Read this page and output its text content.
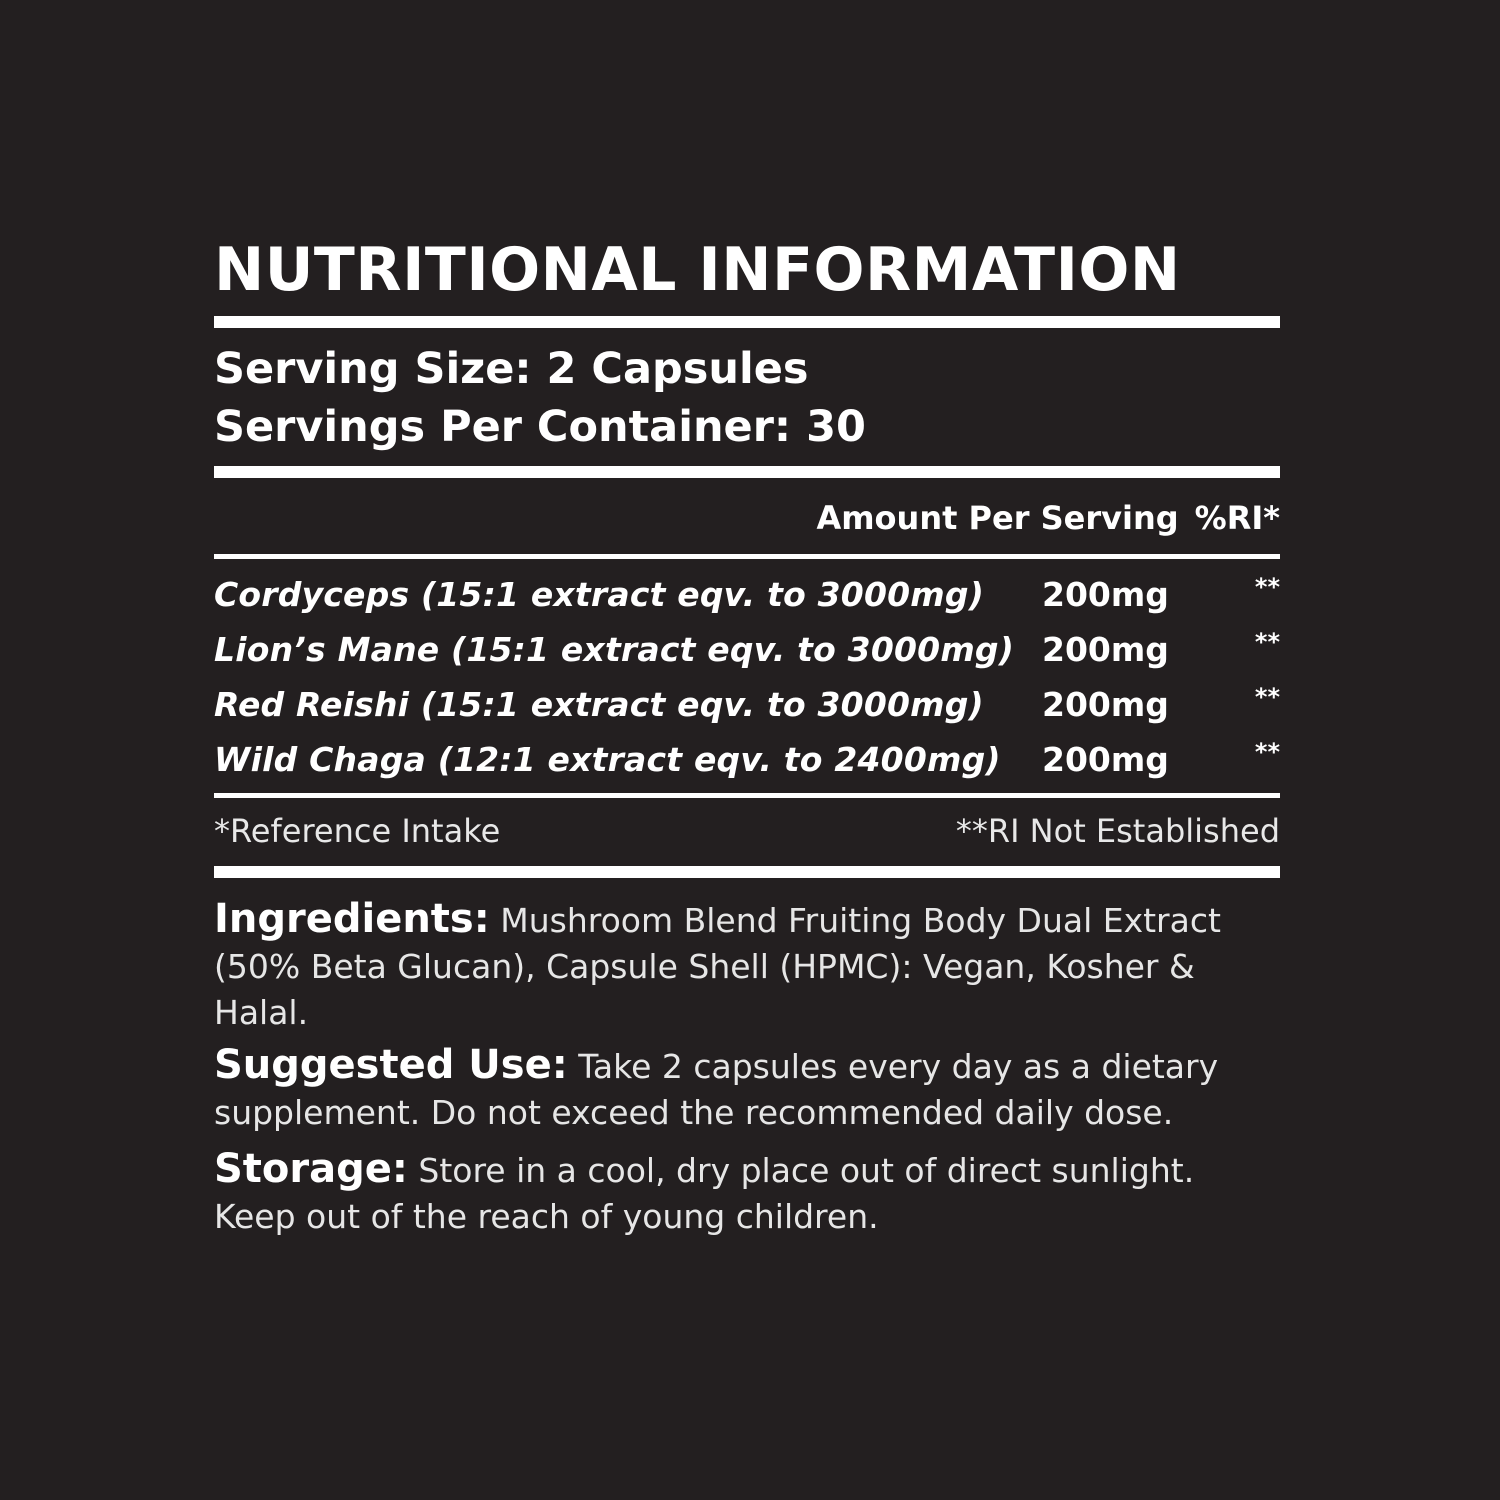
NUTRITIONAL INFORMATION
Serving Size: 2 Capsules
Servings Per Container: 30
Amount Per Serving %RI*
Cordyceps (15:1 extract eqv. to 3000mg)	200mg	**
Lion’s Mane (15:1 extract eqv. to 3000mg) 200mg	**
Red Reishi (15:1 extract eqv. to 3000mg)	200mg	**
Wild Chaga (12:1 extract eqv. to 2400mg)	200mg	**
*Reference Intake	**RI Not Established
Ingredients: Mushroom Blend Fruiting Body Dual Extract (50% Beta Glucan), Capsule Shell (HPMC): Vegan, Kosher & Halal.
Suggested Use: Take 2 capsules every day as a dietary supplement. Do not exceed the recommended daily dose.
Storage: Store in a cool, dry place out of direct sunlight. Keep out of the reach of young children.
